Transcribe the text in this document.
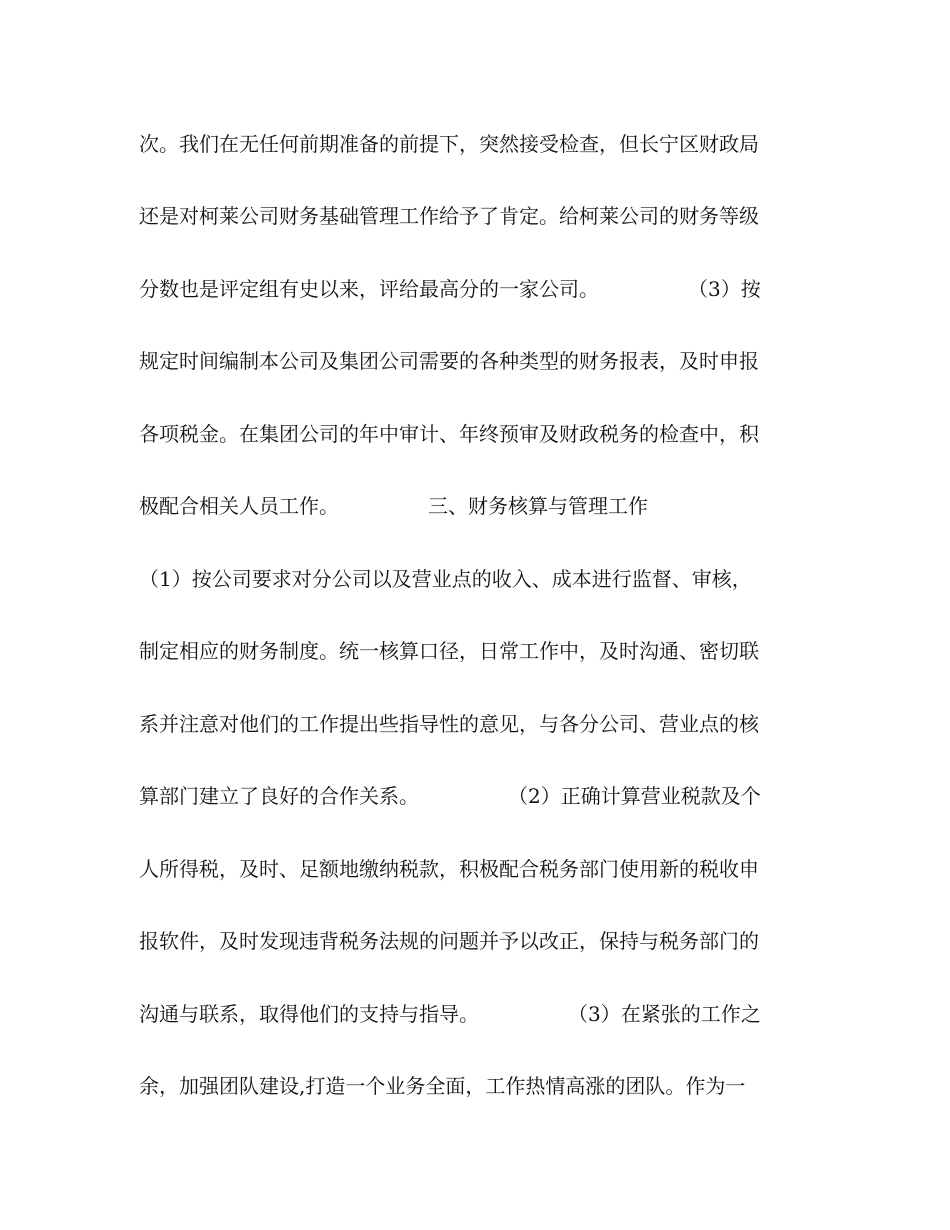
次。我们在无任何前期准备的前提下，突然接受检查，但长宁区财政局
还是对柯莱公司财务基础管理工作给予了肯定。给柯莱公司的财务等级
分数也是评定组有史以来，评给最高分的一家公司。              （3）按
规定时间编制本公司及集团公司需要的各种类型的财务报表，及时申报
各项税金。在集团公司的年中审计、年终预审及财政税务的检查中，积
极配合相关人员工作。              三、财务核算与管理工作
（1）按公司要求对分公司以及营业点的收入、成本进行监督、审核，
制定相应的财务制度。统一核算口径，日常工作中，及时沟通、密切联
系并注意对他们的工作提出些指导性的意见，与各分公司、营业点的核
算部门建立了良好的合作关系。              （2）正确计算营业税款及个
人所得税，及时、足额地缴纳税款，积极配合税务部门使用新的税收申
报软件，及时发现违背税务法规的问题并予以改正，保持与税务部门的
沟通与联系，取得他们的支持与指导。              （3）在紧张的工作之
余，加强团队建设,打造一个业务全面，工作热情高涨的团队。作为一
